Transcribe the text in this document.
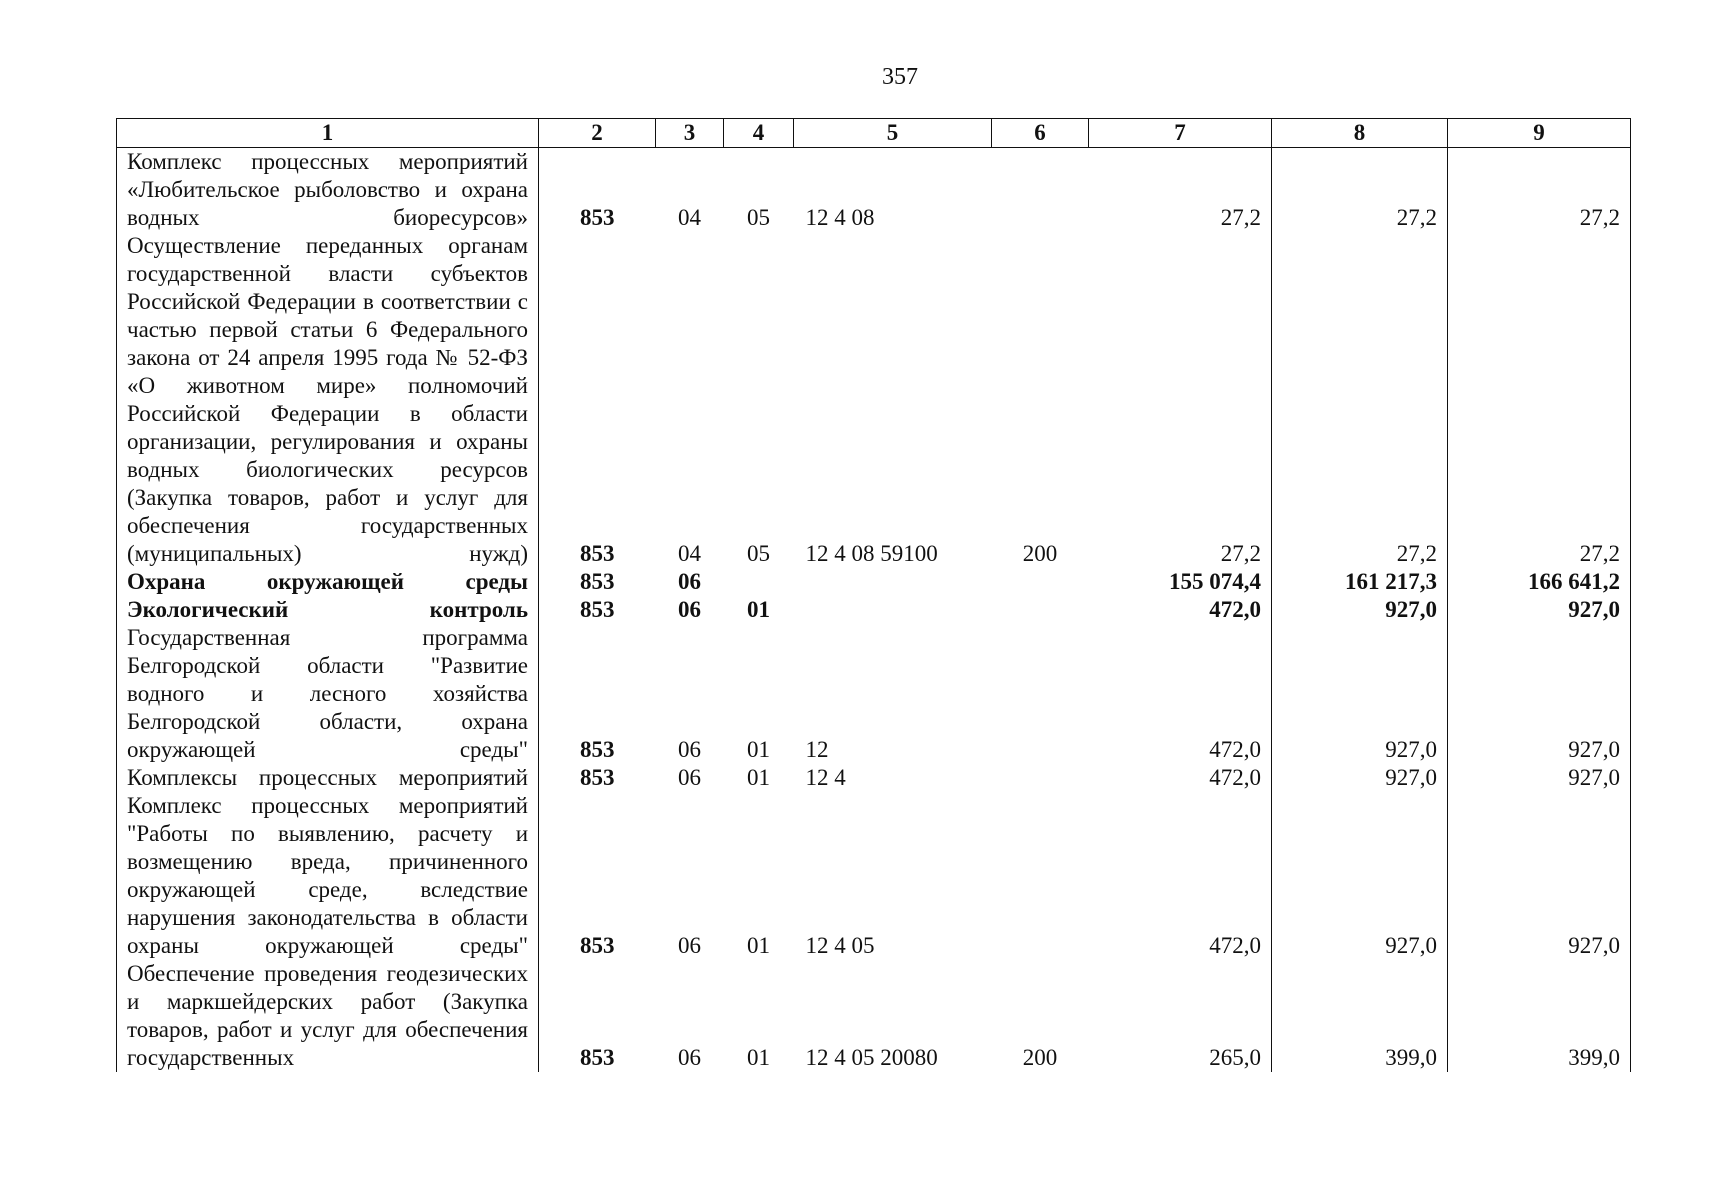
357
1	2	3	4	5	6	7	8	9
Комплекс процессных мероприятий «Любительское рыболовство и охрана водных биоресурсов»	853	04	05	12 4 08		27,2	27,2	27,2
Осуществление переданных органам государственной власти субъектов Российской Федерации в соответствии с частью первой статьи 6 Федерального закона от 24 апреля 1995 года № 52-ФЗ «О животном мире» полномочий Российской Федерации в области организации, регулирования и охраны водных биологических ресурсов (Закупка товаров, работ и услуг для обеспечения государственных (муниципальных) нужд)	853	04	05	12 4 08 59100	200	27,2	27,2	27,2
Охрана окружающей среды	853	06				155 074,4	161 217,3	166 641,2
Экологический контроль	853	06	01			472,0	927,0	927,0
Государственная программа Белгородской области "Развитие водного и лесного хозяйства Белгородской области, охрана окружающей среды"	853	06	01	12		472,0	927,0	927,0
Комплексы процессных мероприятий	853	06	01	12 4		472,0	927,0	927,0
Комплекс процессных мероприятий "Работы по выявлению, расчету и возмещению вреда, причиненного окружающей среде, вследствие нарушения законодательства в области охраны окружающей среды"	853	06	01	12 4 05		472,0	927,0	927,0
Обеспечение проведения геодезических и маркшейдерских работ (Закупка товаров, работ и услуг для обеспечения государственных	853	06	01	12 4 05 20080	200	265,0	399,0	399,0
